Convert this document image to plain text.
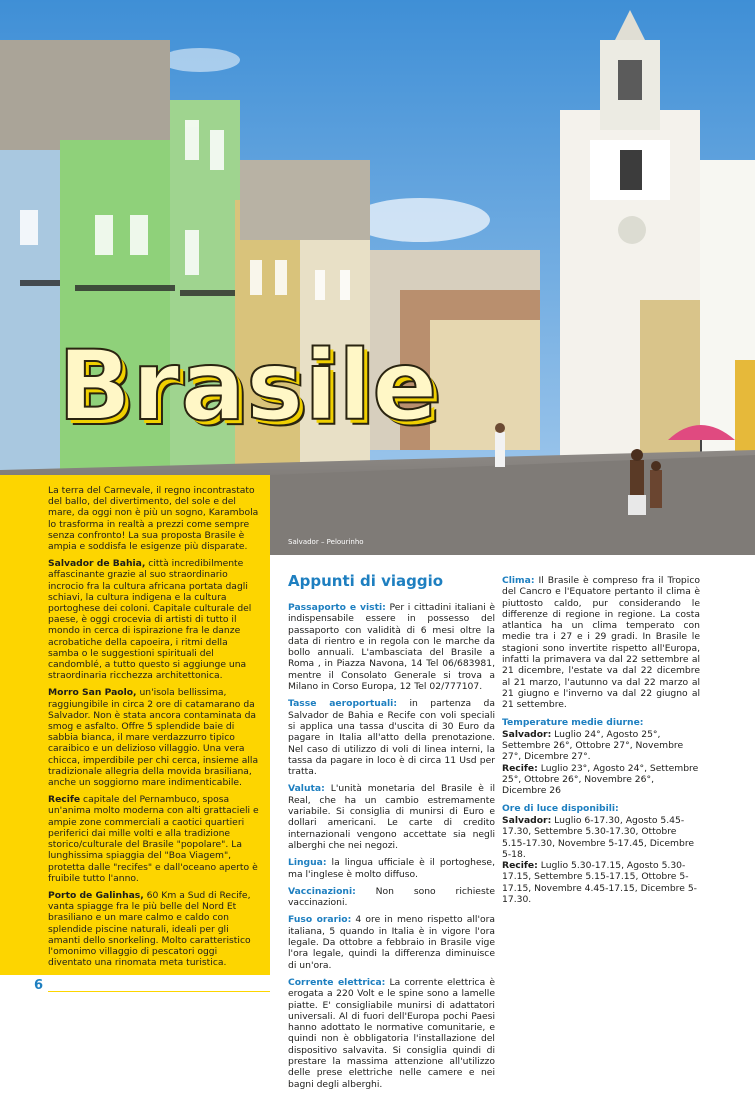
Brasile
Salvador – Pelourinho

La terra del Carnevale, il regno incontrastato del ballo, del divertimento, del sole e del mare, da oggi non è più un sogno, Karambola lo trasforma in realtà a prezzi come sempre senza confronto! La sua proposta Brasile è ampia e soddisfa le esigenze più disparate.

Salvador de Bahia, città incredibilmente affascinante grazie al suo straordinario incrocio fra la cultura africana portata dagli schiavi, la cultura indigena e la cultura portoghese dei coloni. Capitale culturale del paese, è oggi crocevia di artisti di tutto il mondo in cerca di ispirazione fra le danze acrobatiche della capoeira, i ritmi della samba o le suggestioni spirituali del candomblé, a tutto questo si aggiunge una straordinaria ricchezza architettonica.

Morro San Paolo, un'isola bellissima, raggiungibile in circa 2 ore di catamarano da Salvador. Non è stata ancora contaminata da smog e asfalto. Offre 5 splendide baie di sabbia bianca, il mare verdazzurro tipico caraibico e un delizioso villaggio. Una vera chicca, imperdibile per chi cerca, insieme alla tradizionale allegria della movida brasiliana, anche un soggiorno mare indimenticabile.

Recife capitale del Pernambuco, sposa un'anima molto moderna con alti grattacieli e ampie zone commerciali a caotici quartieri periferici dai mille volti e alla tradizione storico/culturale del Brasile "popolare". La lunghissima spiaggia del "Boa Viagem", protetta dalle "recifes" e dall'oceano aperto è fruibile tutto l'anno.

Porto de Galinhas, 60 Km a Sud di Recife, vanta spiagge fra le più belle del Nord Et brasiliano e un mare calmo e caldo con splendide piscine naturali, ideali per gli amanti dello snorkeling. Molto caratteristico l'omonimo villaggio di pescatori oggi diventato una rinomata meta turistica.

Appunti di viaggio

Passaporto e visti: Per i cittadini italiani è indispensabile essere in possesso del passaporto con validità di 6 mesi oltre la data di rientro e in regola con le marche da bollo annuali. L'ambasciata del Brasile a Roma , in Piazza Navona, 14 Tel 06/683981, mentre il Consolato Generale si trova a Milano in Corso Europa, 12 Tel 02/777107.

Tasse aeroportuali: in partenza da Salvador de Bahia e Recife con voli speciali si applica una tassa d'uscita di 30 Euro da pagare in Italia all'atto della prenotazione. Nel caso di utilizzo di voli di linea interni, la tassa da pagare in loco è di circa 11 Usd per tratta.

Valuta: L'unità monetaria del Brasile è il Real, che ha un cambio estremamente variabile. Si consiglia di munirsi di Euro e dollari americani. Le carte di credito internazionali vengono accettate sia negli alberghi che nei negozi.

Lingua: la lingua ufficiale è il portoghese, ma l'inglese è molto diffuso.

Vaccinazioni: Non sono richieste vaccinazioni.

Fuso orario: 4 ore in meno rispetto all'ora italiana, 5 quando in Italia è in vigore l'ora legale. Da ottobre a febbraio in Brasile vige l'ora legale, quindi la differenza diminuisce di un'ora.

Corrente elettrica: La corrente elettrica è erogata a 220 Volt e le spine sono a lamelle piatte. E' consigliabile munirsi di adattatori universali. Al di fuori dell'Europa pochi Paesi hanno adottato le normative comunitarie, e quindi non è obbligatoria l'installazione del dispositivo salvavita. Si consiglia quindi di prestare la massima attenzione all'utilizzo delle prese elettriche nelle camere e nei bagni degli alberghi.

Clima: Il Brasile è compreso fra il Tropico del Cancro e l'Equatore pertanto il clima è piuttosto caldo, pur considerando le differenze di regione in regione. La costa atlantica ha un clima temperato con medie tra i 27 e i 29 gradi. In Brasile le stagioni sono invertite rispetto all'Europa, infatti la primavera va dal 22 settembre al 21 dicembre, l'estate va dal 22 dicembre al 21 marzo, l'autunno va dal 22 marzo al 21 giugno e l'inverno va dal 22 giugno al 21 settembre.

Temperature medie diurne:
Salvador: Luglio 24°, Agosto 25°, Settembre 26°, Ottobre 27°, Novembre 27°, Dicembre 27°.
Recife: Luglio 23°, Agosto 24°, Settembre 25°, Ottobre 26°, Novembre 26°, Dicembre 26
Ore di luce disponibili:
Salvador: Luglio 6-17.30, Agosto 5.45-17.30, Settembre 5.30-17.30, Ottobre 5.15-17.30, Novembre 5-17.45, Dicembre 5-18.
Recife: Luglio 5.30-17.15, Agosto 5.30-17.15, Settembre 5.15-17.15, Ottobre 5-17.15, Novembre 4.45-17.15, Dicembre 5-17.30.
6
